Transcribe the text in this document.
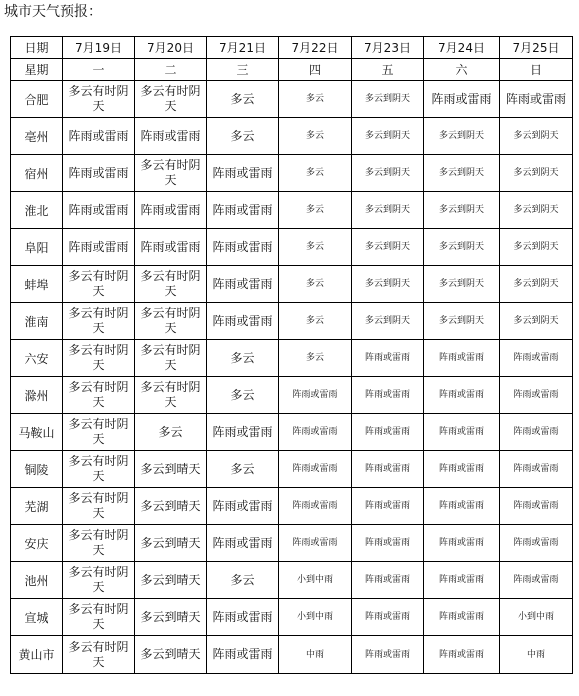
城市天气预报：
日期	7月19日	7月20日	7月21日	7月22日	7月23日	7月24日	7月25日
星期	一	二	三	四	五	六	日
合肥	多云有时阴天	多云有时阴天	多云	多云	多云到阴天	阵雨或雷雨	阵雨或雷雨

亳州	阵雨或雷雨	阵雨或雷雨	多云	多云	多云到阴天	多云到阴天	多云到阴天

宿州	阵雨或雷雨	多云有时阴天	阵雨或雷雨	多云	多云到阴天	多云到阴天	多云到阴天

淮北	阵雨或雷雨	阵雨或雷雨	阵雨或雷雨	多云	多云到阴天	多云到阴天	多云到阴天

阜阳	阵雨或雷雨	阵雨或雷雨	阵雨或雷雨	多云	多云到阴天	多云到阴天	多云到阴天

蚌埠	多云有时阴天	多云有时阴天	阵雨或雷雨	多云	多云到阴天	多云到阴天	多云到阴天

淮南	多云有时阴天	多云有时阴天	阵雨或雷雨	多云	多云到阴天	多云到阴天	多云到阴天

六安	多云有时阴天	多云有时阴天	多云	多云	阵雨或雷雨	阵雨或雷雨	阵雨或雷雨

滁州	多云有时阴天	多云有时阴天	多云	阵雨或雷雨	阵雨或雷雨	阵雨或雷雨	阵雨或雷雨

马鞍山	多云有时阴天	多云	阵雨或雷雨	阵雨或雷雨	阵雨或雷雨	阵雨或雷雨	阵雨或雷雨

铜陵	多云有时阴天	多云到晴天	多云	阵雨或雷雨	阵雨或雷雨	阵雨或雷雨	阵雨或雷雨

芜湖	多云有时阴天	多云到晴天	阵雨或雷雨	阵雨或雷雨	阵雨或雷雨	阵雨或雷雨	阵雨或雷雨

安庆	多云有时阴天	多云到晴天	阵雨或雷雨	阵雨或雷雨	阵雨或雷雨	阵雨或雷雨	阵雨或雷雨

池州	多云有时阴天	多云到晴天	多云	小到中雨	阵雨或雷雨	阵雨或雷雨	阵雨或雷雨

宣城	多云有时阴天	多云到晴天	阵雨或雷雨	小到中雨	阵雨或雷雨	阵雨或雷雨	小到中雨

黄山市	多云有时阴天	多云到晴天	阵雨或雷雨	中雨	阵雨或雷雨	阵雨或雷雨	中雨
